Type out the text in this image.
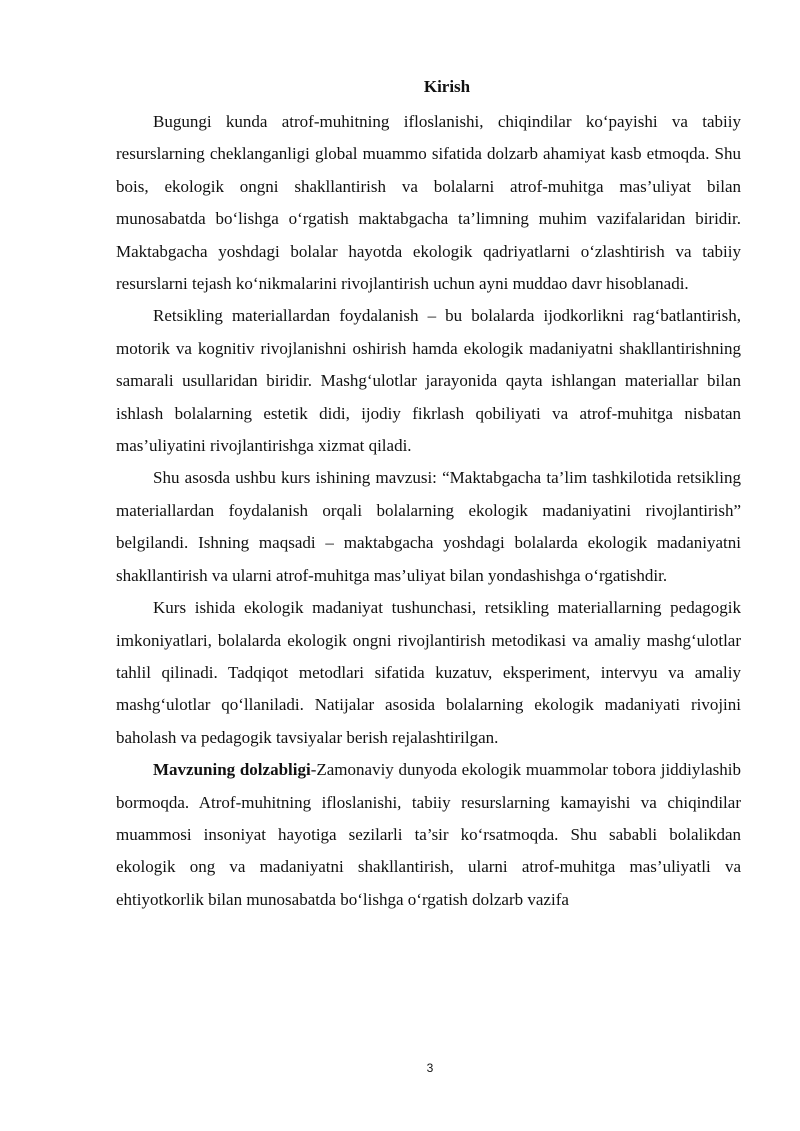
Kirish

Bugungi kunda atrof-muhitning ifloslanishi, chiqindilar koʻpayishi va tabiiy resurslarning cheklanganligi global muammo sifatida dolzarb ahamiyat kasb etmoqda. Shu bois, ekologik ongni shakllantirish va bolalarni atrof-muhitga mas’uliyat bilan munosabatda boʻlishga oʻrgatish maktabgacha ta’limning muhim vazifalaridan biridir. Maktabgacha yoshdagi bolalar hayotda ekologik qadriyatlarni oʻzlashtirish va tabiiy resurslarni tejash koʻnikmalarini rivojlantirish uchun ayni muddao davr hisoblanadi.

Retsikling materiallardan foydalanish – bu bolalarda ijodkorlikni ragʻbatlantirish, motorik va kognitiv rivojlanishni oshirish hamda ekologik madaniyatni shakllantirishning samarali usullaridan biridir. Mashgʻulotlar jarayonida qayta ishlangan materiallar bilan ishlash bolalarning estetik didi, ijodiy fikrlash qobiliyati va atrof-muhitga nisbatan mas’uliyatini rivojlantirishga xizmat qiladi.

Shu asosda ushbu kurs ishining mavzusi: “Maktabgacha ta’lim tashkilotida retsikling materiallardan foydalanish orqali bolalarning ekologik madaniyatini rivojlantirish” belgilandi. Ishning maqsadi – maktabgacha yoshdagi bolalarda ekologik madaniyatni shakllantirish va ularni atrof-muhitga mas’uliyat bilan yondashishga oʻrgatishdir.

Kurs ishida ekologik madaniyat tushunchasi, retsikling materiallarning pedagogik imkoniyatlari, bolalarda ekologik ongni rivojlantirish metodikasi va amaliy mashgʻulotlar tahlil qilinadi. Tadqiqot metodlari sifatida kuzatuv, eksperiment, intervyu va amaliy mashgʻulotlar qoʻllaniladi. Natijalar asosida bolalarning ekologik madaniyati rivojini baholash va pedagogik tavsiyalar berish rejalashtirilgan.

Mavzuning dolzabligi-Zamonaviy dunyoda ekologik muammolar tobora jiddiylashib bormoqda. Atrof-muhitning ifloslanishi, tabiiy resurslarning kamayishi va chiqindilar muammosi insoniyat hayotiga sezilarli ta’sir koʻrsatmoqda. Shu sababli bolalikdan ekologik ong va madaniyatni shakllantirish, ularni atrof-muhitga mas’uliyatli va ehtiyotkorlik bilan munosabatda boʻlishga oʻrgatish dolzarb vazifa

3
